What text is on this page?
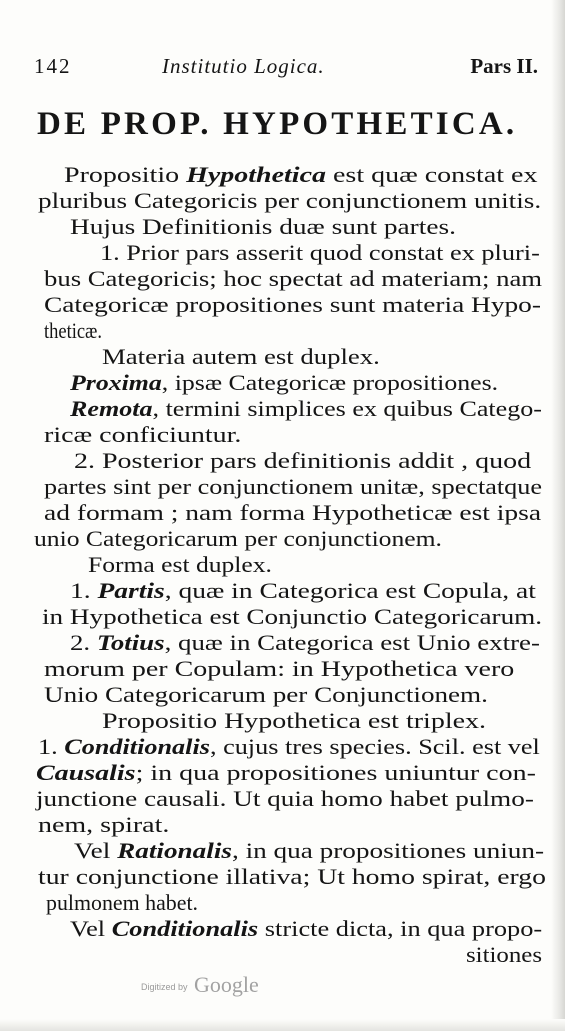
142	Institutio Logica.	Pars II.
DE PROP. HYPOTHETICA.
Propositio Hypothetica est quæ constat ex
pluribus Categoricis per conjunctionem unitis.
Hujus Definitionis duæ sunt partes.
1. Prior pars asserit quod constat ex pluri-
bus Categoricis; hoc spectat ad materiam; nam
Categoricæ propositiones sunt materia Hypo-
theticæ.
Materia autem est duplex.
Proxima, ipsæ Categoricæ propositiones.
Remota, termini simplices ex quibus Catego-
ricæ conficiuntur.
2. Posterior pars definitionis addit , quod
partes sint per conjunctionem unitæ, spectatque
ad formam ; nam forma Hypotheticæ est ipsa
unio Categoricarum per conjunctionem.
Forma est duplex.
1. Partis, quæ in Categorica est Copula, at
in Hypothetica est Conjunctio Categoricarum.
2. Totius, quæ in Categorica est Unio extre-
morum per Copulam: in Hypothetica vero
Unio Categoricarum per Conjunctionem.
Propositio Hypothetica est triplex.
1. Conditionalis, cujus tres species. Scil. est vel
Causalis; in qua propositiones uniuntur con-
junctione causali. Ut quia homo habet pulmo-
nem, spirat.
Vel Rationalis, in qua propositiones uniun-
tur conjunctione illativa; Ut homo spirat, ergo
pulmonem habet.
Vel Conditionalis stricte dicta, in qua propo-
sitiones
Digitized by Google
